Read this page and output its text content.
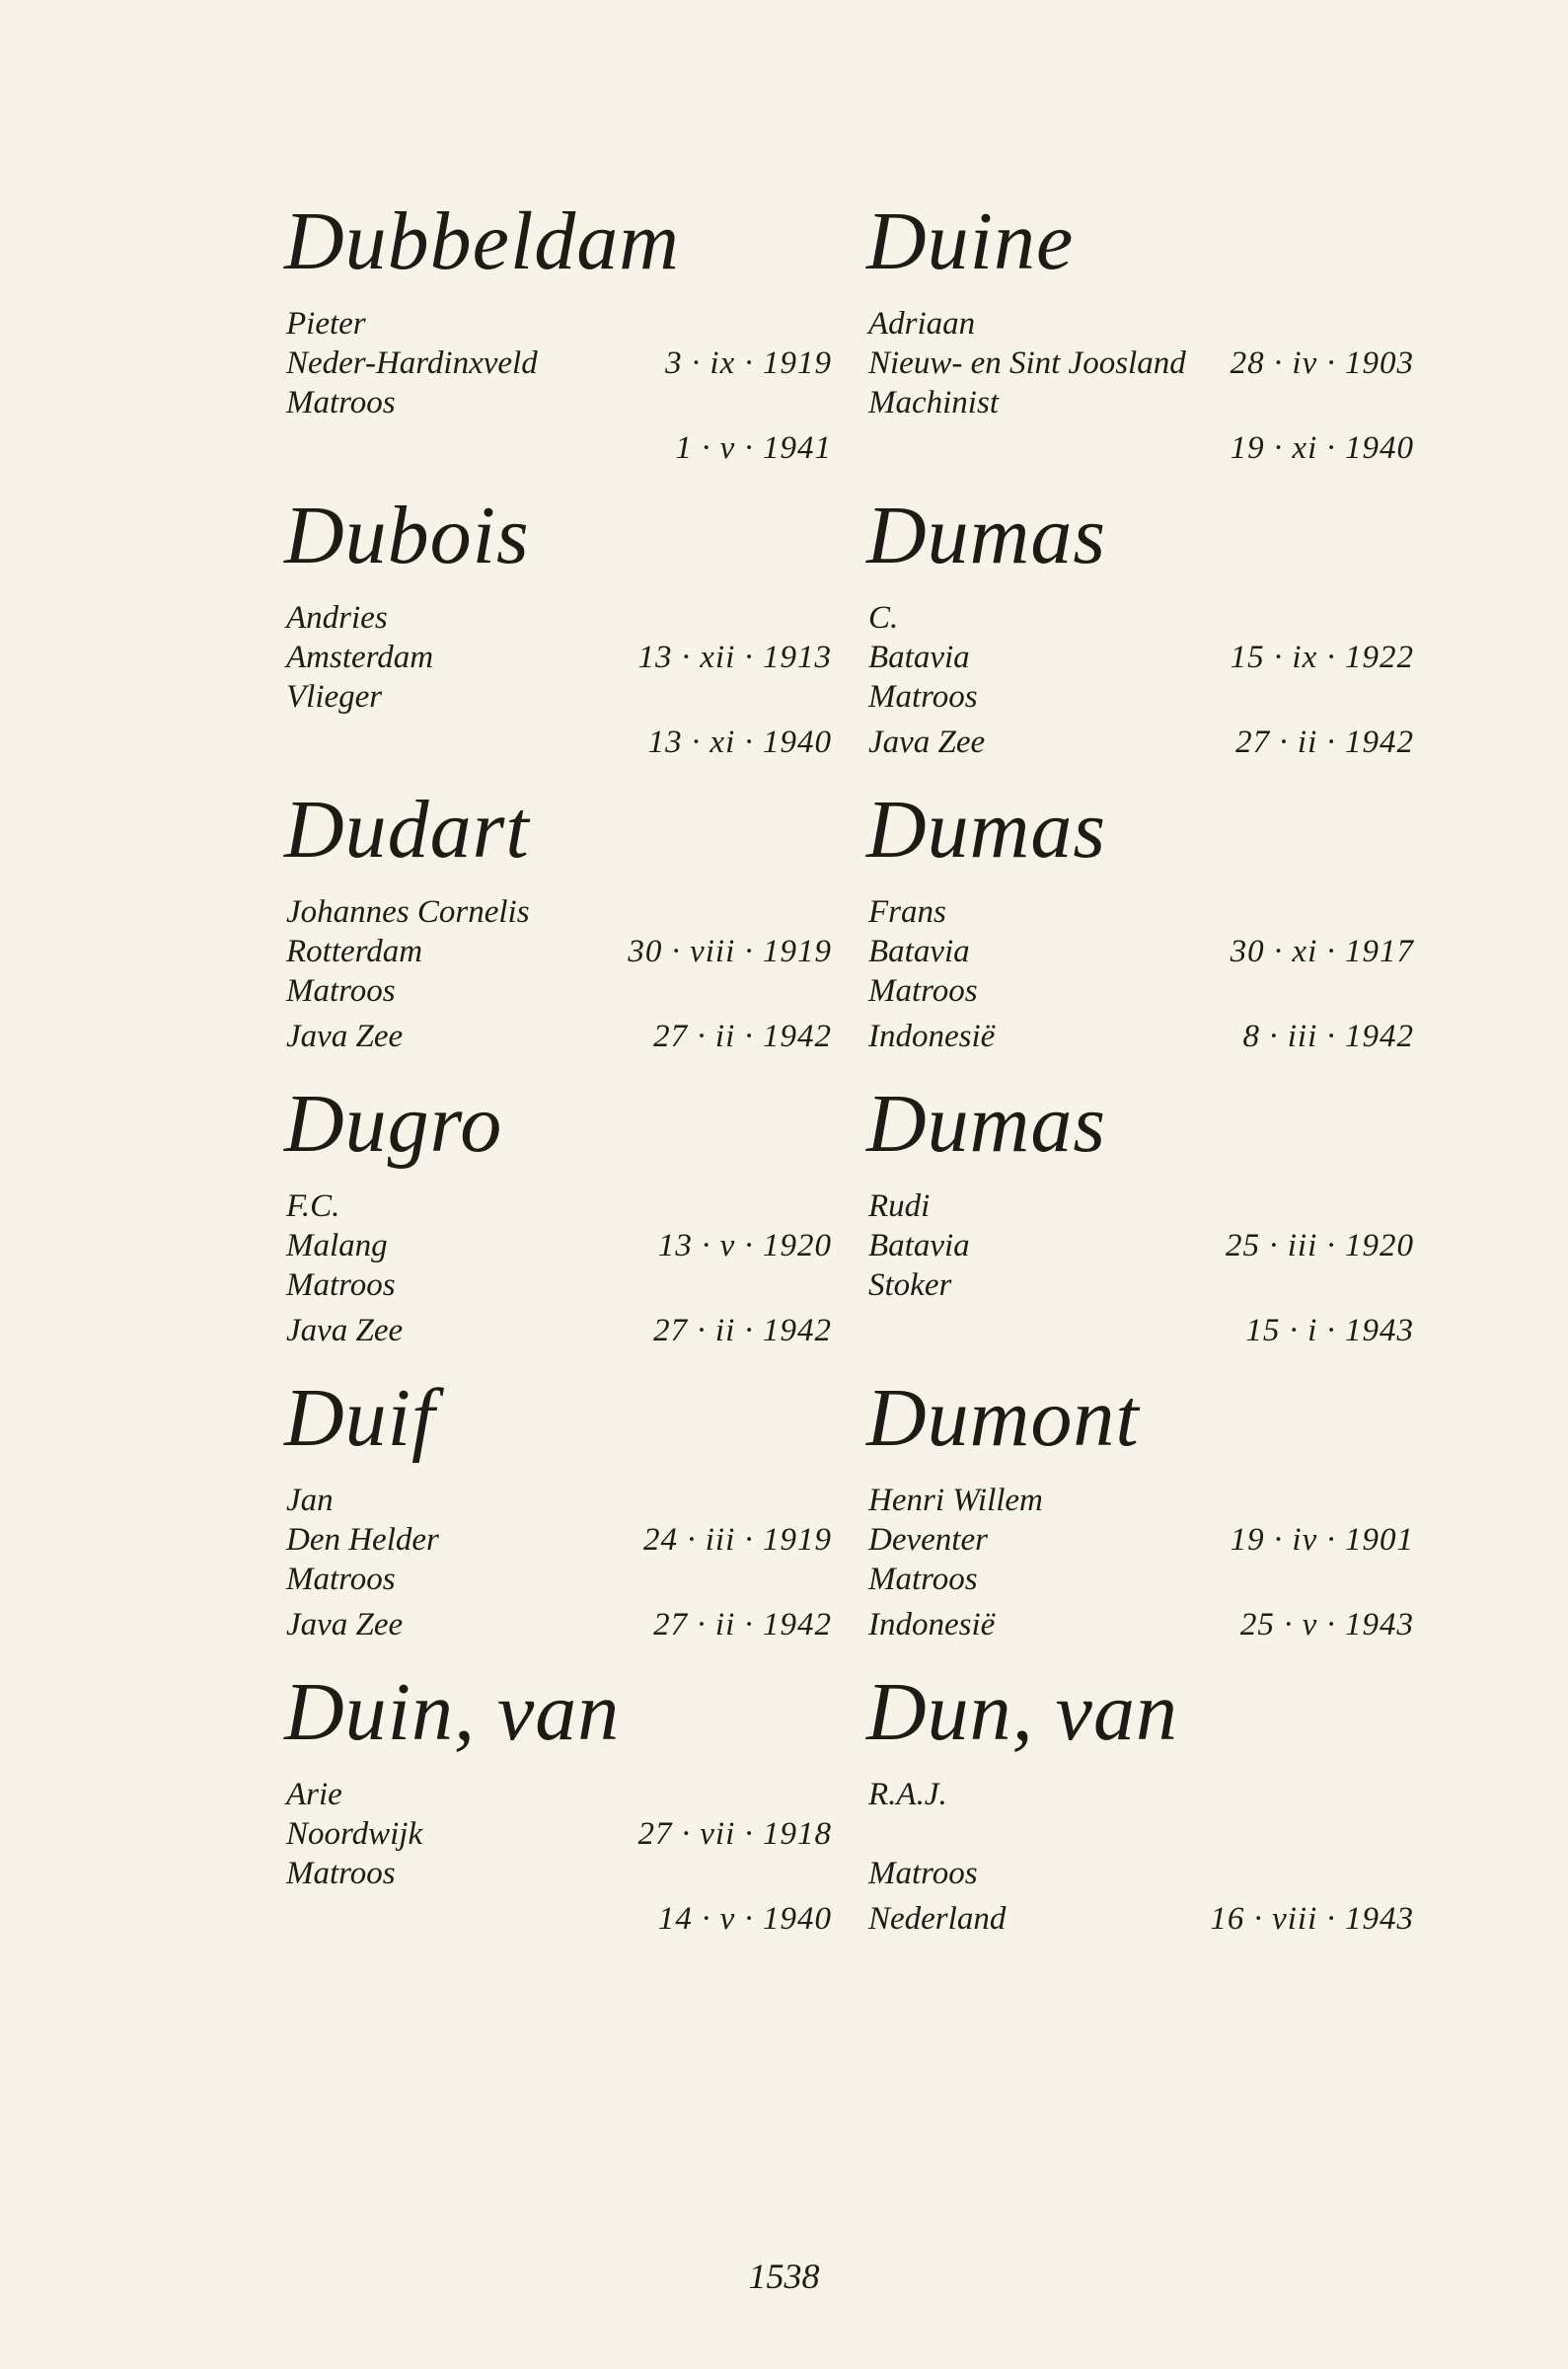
Dubbeldam
Pieter
Neder-Hardinxveld	3 · ix · 1919
Matroos
1 · v · 1941
Dubois
Andries
Amsterdam	13 · xii · 1913
Vlieger
13 · xi · 1940
Dudart
Johannes Cornelis
Rotterdam	30 · viii · 1919
Matroos
Java Zee	27 · ii · 1942
Dugro
F.C.
Malang	13 · v · 1920
Matroos
Java Zee	27 · ii · 1942
Duif
Jan
Den Helder	24 · iii · 1919
Matroos
Java Zee	27 · ii · 1942
Duin, van
Arie
Noordwijk	27 · vii · 1918
Matroos
14 · v · 1940
Duine
Adriaan
Nieuw- en Sint Joosland 28 · iv · 1903
Machinist
19 · xi · 1940
Dumas
C.
Batavia	15 · ix · 1922
Matroos
Java Zee	27 · ii · 1942
Dumas
Frans
Batavia	30 · xi · 1917
Matroos
Indonesië	8 · iii · 1942
Dumas
Rudi
Batavia	25 · iii · 1920
Stoker
15 · i · 1943
Dumont
Henri Willem
Deventer	19 · iv · 1901
Matroos
Indonesië	25 · v · 1943
Dun, van
R.A.J.
Matroos
Nederland	16 · viii · 1943
1538
